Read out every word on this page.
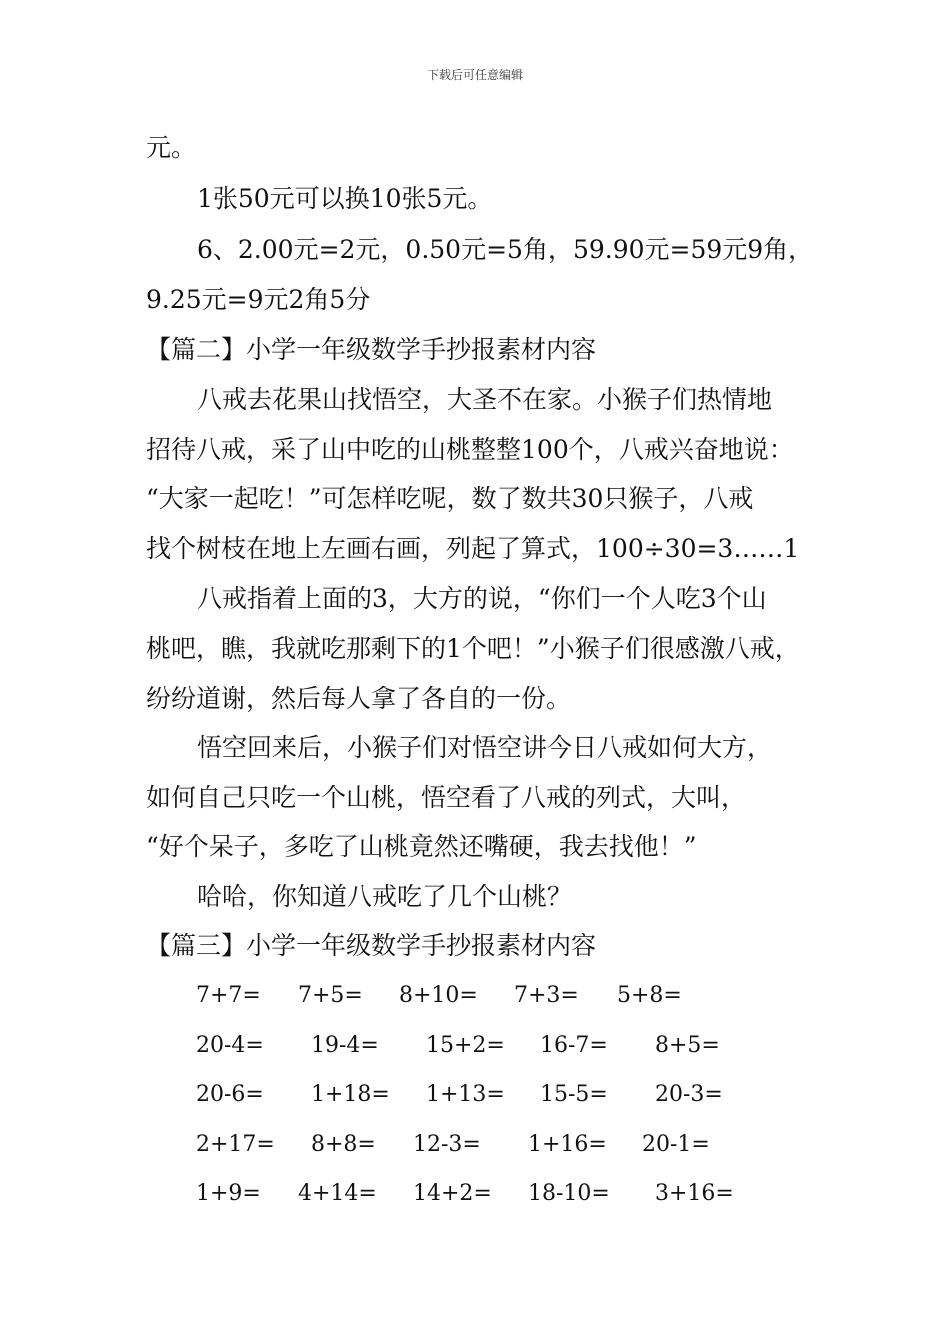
下载后可任意编辑
元。
1张50元可以换10张5元。
6、2.00元=2元，0.50元=5角，59.90元=59元9角，
9.25元=9元2角5分
【篇二】小学一年级数学手抄报素材内容
八戒去花果山找悟空，大圣不在家。小猴子们热情地
招待八戒，采了山中吃的山桃整整100个，八戒兴奋地说：
“大家一起吃！”可怎样吃呢，数了数共30只猴子，八戒
找个树枝在地上左画右画，列起了算式，100÷30=3……1
八戒指着上面的3，大方的说，“你们一个人吃3个山
桃吧，瞧，我就吃那剩下的1个吧！”小猴子们很感激八戒，
纷纷道谢，然后每人拿了各自的一份。
悟空回来后，小猴子们对悟空讲今日八戒如何大方，
如何自己只吃一个山桃，悟空看了八戒的列式，大叫，
“好个呆子，多吃了山桃竟然还嘴硬，我去找他！”
哈哈，你知道八戒吃了几个山桃？
【篇三】小学一年级数学手抄报素材内容
7+7= 7+5= 8+10= 7+3= 5+8=
20-4= 19-4= 15+2= 16-7= 8+5=
20-6= 1+18= 1+13= 15-5= 20-3=
2+17= 8+8= 12-3= 1+16= 20-1=
1+9= 4+14= 14+2= 18-10= 3+16=
